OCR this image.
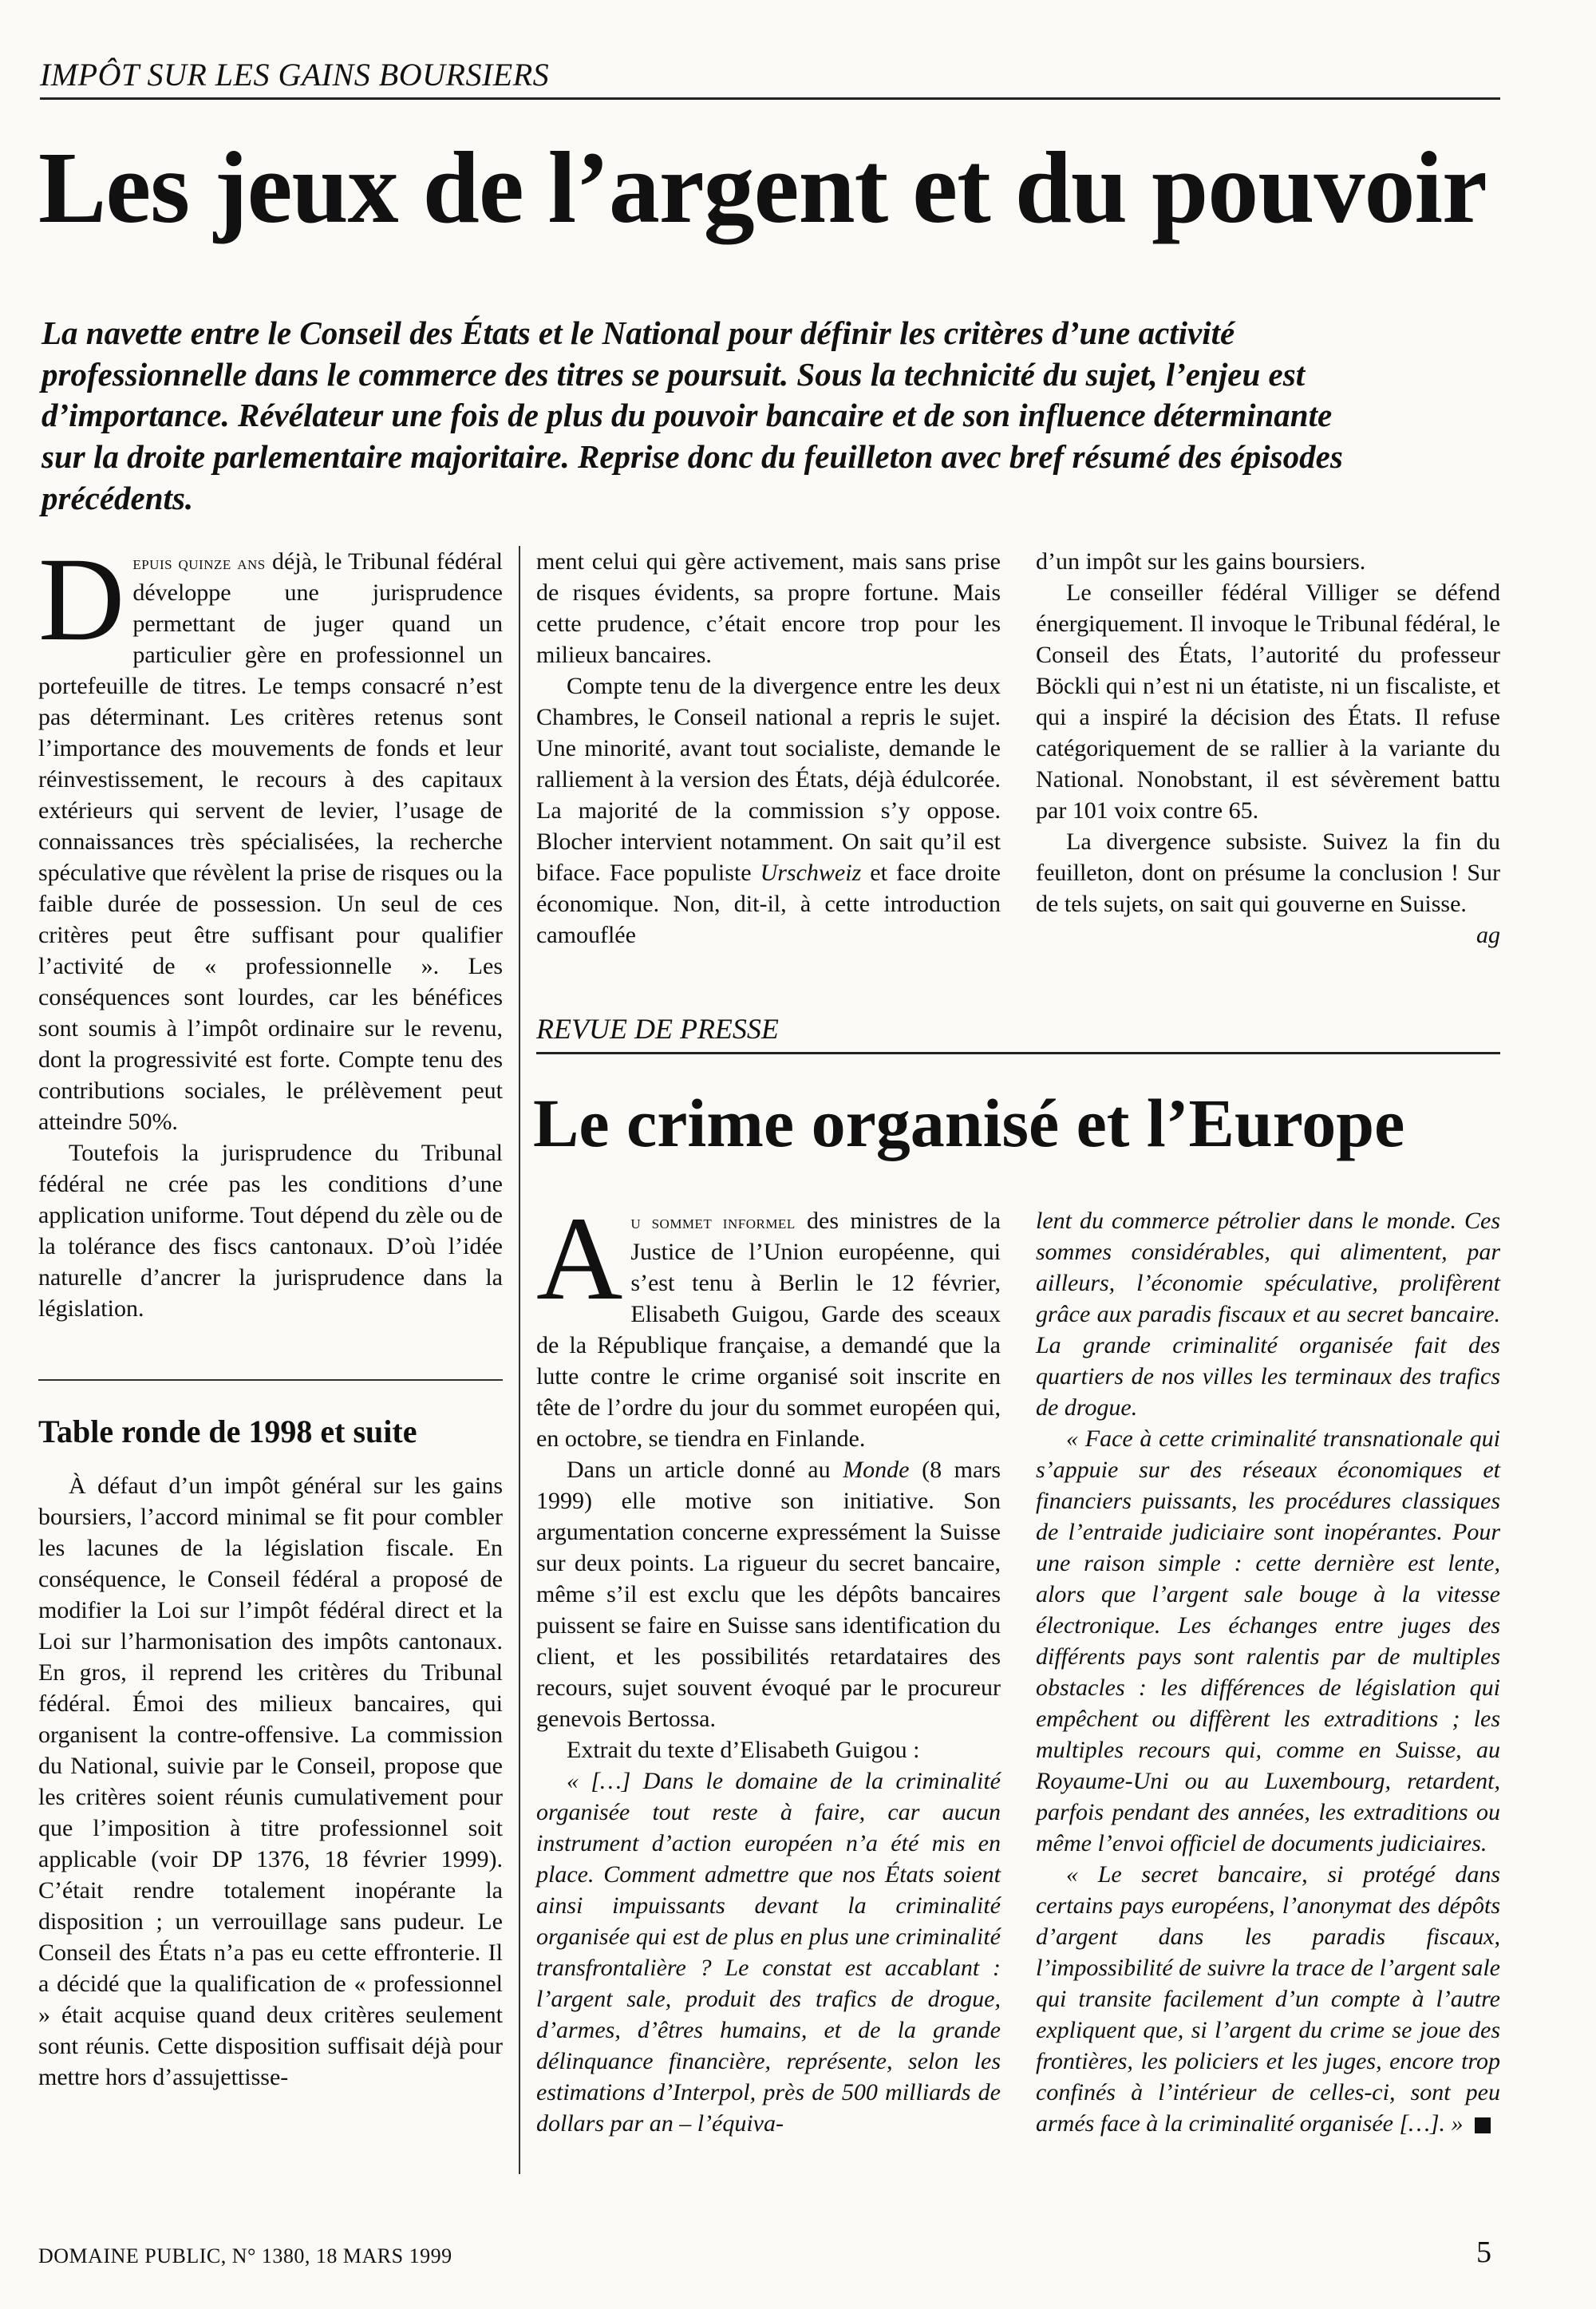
IMPÔT SUR LES GAINS BOURSIERS
Les jeux de l’argent et du pouvoir

La navette entre le Conseil des États et le National pour définir les critères d’une activité professionnelle dans le commerce des titres se poursuit. Sous la technicité du sujet, l’enjeu est d’importance. Révélateur une fois de plus du pouvoir bancaire et de son influence déterminante sur la droite parlementaire majoritaire. Reprise donc du feuilleton avec bref résumé des épisodes précédents.

Depuis quinze ans déjà, le Tribunal fédéral développe une jurisprudence permettant de juger quand un particulier gère en professionnel un portefeuille de titres. Le temps consacré n’est pas déterminant. Les critères retenus sont l’importance des mouvements de fonds et leur réinvestissement, le recours à des capitaux extérieurs qui servent de levier, l’usage de connaissances très spécialisées, la recherche spéculative que révèlent la prise de risques ou la faible durée de possession. Un seul de ces critères peut être suffisant pour qualifier l’activité de « professionnelle ». Les conséquences sont lourdes, car les bénéfices sont soumis à l’impôt ordinaire sur le revenu, dont la progressivité est forte. Compte tenu des contributions sociales, le prélèvement peut atteindre 50%.

Toutefois la jurisprudence du Tribunal fédéral ne crée pas les conditions d’une application uniforme. Tout dépend du zèle ou de la tolérance des fiscs cantonaux. D’où l’idée naturelle d’ancrer la jurisprudence dans la législation.

Table ronde de 1998 et suite

À défaut d’un impôt général sur les gains boursiers, l’accord minimal se fit pour combler les lacunes de la législation fiscale. En conséquence, le Conseil fédéral a proposé de modifier la Loi sur l’impôt fédéral direct et la Loi sur l’harmonisation des impôts cantonaux. En gros, il reprend les critères du Tribunal fédéral. Émoi des milieux bancaires, qui organisent la contre-offensive. La commission du National, suivie par le Conseil, propose que les critères soient réunis cumulativement pour que l’imposition à titre professionnel soit applicable (voir DP 1376, 18 février 1999). C’était rendre totalement inopérante la disposition ; un verrouillage sans pudeur. Le Conseil des États n’a pas eu cette effronterie. Il a décidé que la qualification de « professionnel » était acquise quand deux critères seulement sont réunis. Cette disposition suffisait déjà pour mettre hors d’assujettisse-

ment celui qui gère activement, mais sans prise de risques évidents, sa propre fortune. Mais cette prudence, c’était encore trop pour les milieux bancaires.

Compte tenu de la divergence entre les deux Chambres, le Conseil national a repris le sujet. Une minorité, avant tout socialiste, demande le ralliement à la version des États, déjà édulcorée. La majorité de la commission s’y oppose. Blocher intervient notamment. On sait qu’il est biface. Face populiste Urschweiz et face droite économique. Non, dit-il, à cette introduction camouflée

d’un impôt sur les gains boursiers.

Le conseiller fédéral Villiger se défend énergiquement. Il invoque le Tribunal fédéral, le Conseil des États, l’autorité du professeur Böckli qui n’est ni un étatiste, ni un fiscaliste, et qui a inspiré la décision des États. Il refuse catégoriquement de se rallier à la variante du National. Nonobstant, il est sévèrement battu par 101 voix contre 65.

La divergence subsiste. Suivez la fin du feuilleton, dont on présume la conclusion ! Sur de tels sujets, on sait qui gouverne en Suisse.
ag

REVUE DE PRESSE
Le crime organisé et l’Europe

Au sommet informel des ministres de la Justice de l’Union européenne, qui s’est tenu à Berlin le 12 février, Elisabeth Guigou, Garde des sceaux de la République française, a demandé que la lutte contre le crime organisé soit inscrite en tête de l’ordre du jour du sommet européen qui, en octobre, se tiendra en Finlande.

Dans un article donné au Monde (8 mars 1999) elle motive son initiative. Son argumentation concerne expressément la Suisse sur deux points. La rigueur du secret bancaire, même s’il est exclu que les dépôts bancaires puissent se faire en Suisse sans identification du client, et les possibilités retardataires des recours, sujet souvent évoqué par le procureur genevois Bertossa.

Extrait du texte d’Elisabeth Guigou :

« […] Dans le domaine de la criminalité organisée tout reste à faire, car aucun instrument d’action européen n’a été mis en place. Comment admettre que nos États soient ainsi impuissants devant la criminalité organisée qui est de plus en plus une criminalité transfrontalière ? Le constat est accablant : l’argent sale, produit des trafics de drogue, d’armes, d’êtres humains, et de la grande délinquance financière, représente, selon les estimations d’Interpol, près de 500 milliards de dollars par an – l’équiva-

lent du commerce pétrolier dans le monde. Ces sommes considérables, qui alimentent, par ailleurs, l’économie spéculative, prolifèrent grâce aux paradis fiscaux et au secret bancaire. La grande criminalité organisée fait des quartiers de nos villes les terminaux des trafics de drogue.

« Face à cette criminalité transnationale qui s’appuie sur des réseaux économiques et financiers puissants, les procédures classiques de l’entraide judiciaire sont inopérantes. Pour une raison simple : cette dernière est lente, alors que l’argent sale bouge à la vitesse électronique. Les échanges entre juges des différents pays sont ralentis par de multiples obstacles : les différences de législation qui empêchent ou diffèrent les extraditions ; les multiples recours qui, comme en Suisse, au Royaume-Uni ou au Luxembourg, retardent, parfois pendant des années, les extraditions ou même l’envoi officiel de documents judiciaires.

« Le secret bancaire, si protégé dans certains pays européens, l’anonymat des dépôts d’argent dans les paradis fiscaux, l’impossibilité de suivre la trace de l’argent sale qui transite facilement d’un compte à l’autre expliquent que, si l’argent du crime se joue des frontières, les policiers et les juges, encore trop confinés à l’intérieur de celles-ci, sont peu armés face à la criminalité organisée […]. »

DOMAINE PUBLIC, N° 1380, 18 MARS 1999	5
